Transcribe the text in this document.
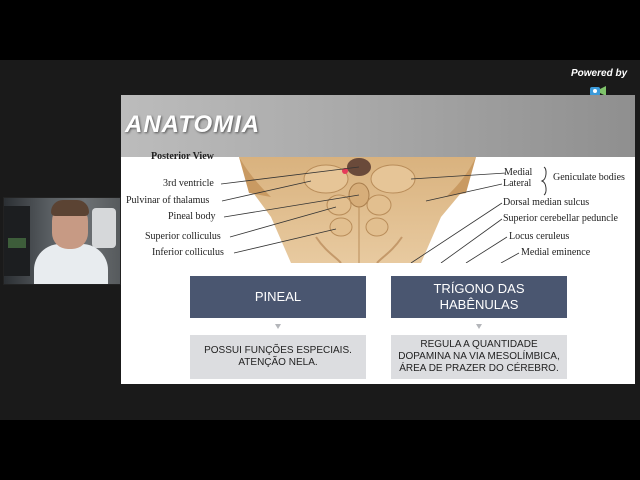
Powered by
ANATOMIA
Posterior View
3rd ventricle
Pulvinar of thalamus
Pineal body
Superior colliculus
Inferior colliculus
Medial
Lateral
Geniculate bodies
Dorsal median sulcus
Superior cerebellar peduncle
Locus ceruleus
Medial eminence
PINEAL
POSSUI FUNÇÕES ESPECIAIS.
ATENÇÃO NELA.
TRÍGONO DAS
HABÊNULAS
REGULA A QUANTIDADE
DOPAMINA NA VIA MESOLÍMBICA,
ÁREA DE PRAZER DO CÉREBRO.
